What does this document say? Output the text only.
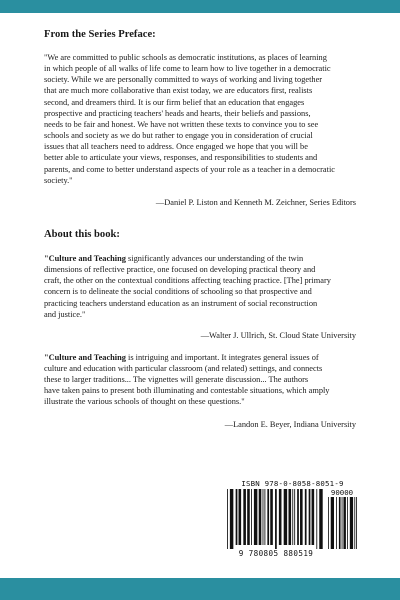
From the Series Preface:

"We are committed to public schools as democratic institutions, as places of learning
in which people of all walks of life come to learn how to live together in a democratic
society. While we are personally committed to ways of working and living together
that are much more collaborative than exist today, we are educators first, realists
second, and dreamers third. It is our firm belief that an education that engages
prospective and practicing teachers' heads and hearts, their beliefs and passions,
needs to be fair and honest. We have not written these texts to convince you to see
schools and society as we do but rather to engage you in consideration of crucial
issues that all teachers need to address. Once engaged we hope that you will be
better able to articulate your views, responses, and responsibilities to students and
parents, and come to better understand aspects of your role as a teacher in a democratic
society."

—Daniel P. Liston and Kenneth M. Zeichner, Series Editors
About this book:

"Culture and Teaching significantly advances our understanding of the twin
dimensions of reflective practice, one focused on developing practical theory and
craft, the other on the contextual conditions affecting teaching practice. [The] primary
concern is to delineate the social conditions of schooling so that prospective and
practicing teachers understand education as an instrument of social reconstruction
and justice."

—Walter J. Ullrich, St. Cloud State University

"Culture and Teaching is intriguing and important. It integrates general issues of
culture and education with particular classroom (and related) settings, and connects
these to larger traditions... The vignettes will generate discussion... The authors
have taken pains to present both illuminating and contestable situations, which amply
illustrate the various schools of thought on these questions."

—Landon E. Beyer, Indiana University
ISBN 978-0-8058-8051-9
90000
9 780805 880519
